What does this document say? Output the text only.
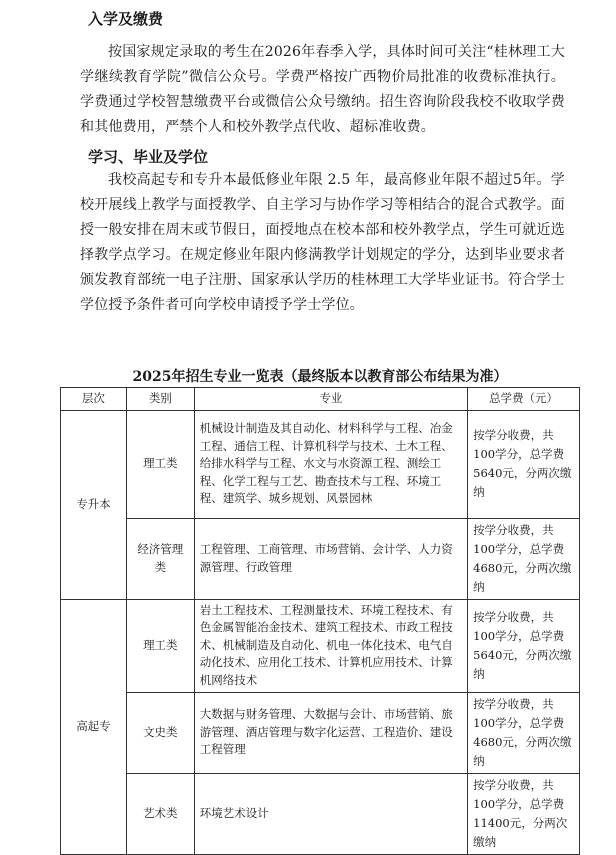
入学及缴费

按国家规定录取的考生在2026年春季入学，具体时间可关注“桂林理工大学继续教育学院”微信公众号。学费严格按广西物价局批准的收费标准执行。学费通过学校智慧缴费平台或微信公众号缴纳。招生咨询阶段我校不收取学费和其他费用，严禁个人和校外教学点代收、超标准收费。

学习、毕业及学位

我校高起专和专升本最低修业年限 2.5 年，最高修业年限不超过5年。学校开展线上教学与面授教学、自主学习与协作学习等相结合的混合式教学。面授一般安排在周末或节假日，面授地点在校本部和校外教学点，学生可就近选择教学点学习。在规定修业年限内修满教学计划规定的学分，达到毕业要求者颁发教育部统一电子注册、国家承认学历的桂林理工大学毕业证书。符合学士学位授予条件者可向学校申请授予学士学位。

2025年招生专业一览表（最终版本以教育部公布结果为准）
层次	类别	专业	总学费（元）
专升本	理工类	机械设计制造及其自动化、材料科学与工程、冶金工程、通信工程、计算机科学与技术、土木工程、给排水科学与工程、水文与水资源工程、测绘工程、化学工程与工艺、勘查技术与工程、环境工程、建筑学、城乡规划、风景园林	按学分收费，共100学分，总学费5640元，分两次缴纳
	经济管理类	工程管理、工商管理、市场营销、会计学、人力资源管理、行政管理	按学分收费，共100学分，总学费4680元，分两次缴纳
高起专	理工类	岩土工程技术、工程测量技术、环境工程技术、有色金属智能冶金技术、建筑工程技术、市政工程技术、机械制造及自动化、机电一体化技术、电气自动化技术、应用化工技术、计算机应用技术、计算机网络技术	按学分收费，共100学分，总学费5640元，分两次缴纳
	文史类	大数据与财务管理、大数据与会计、市场营销、旅游管理、酒店管理与数字化运营、工程造价、建设工程管理	按学分收费，共100学分，总学费4680元，分两次缴纳
	艺术类	环境艺术设计	按学分收费，共100学分，总学费11400元，分两次缴纳
